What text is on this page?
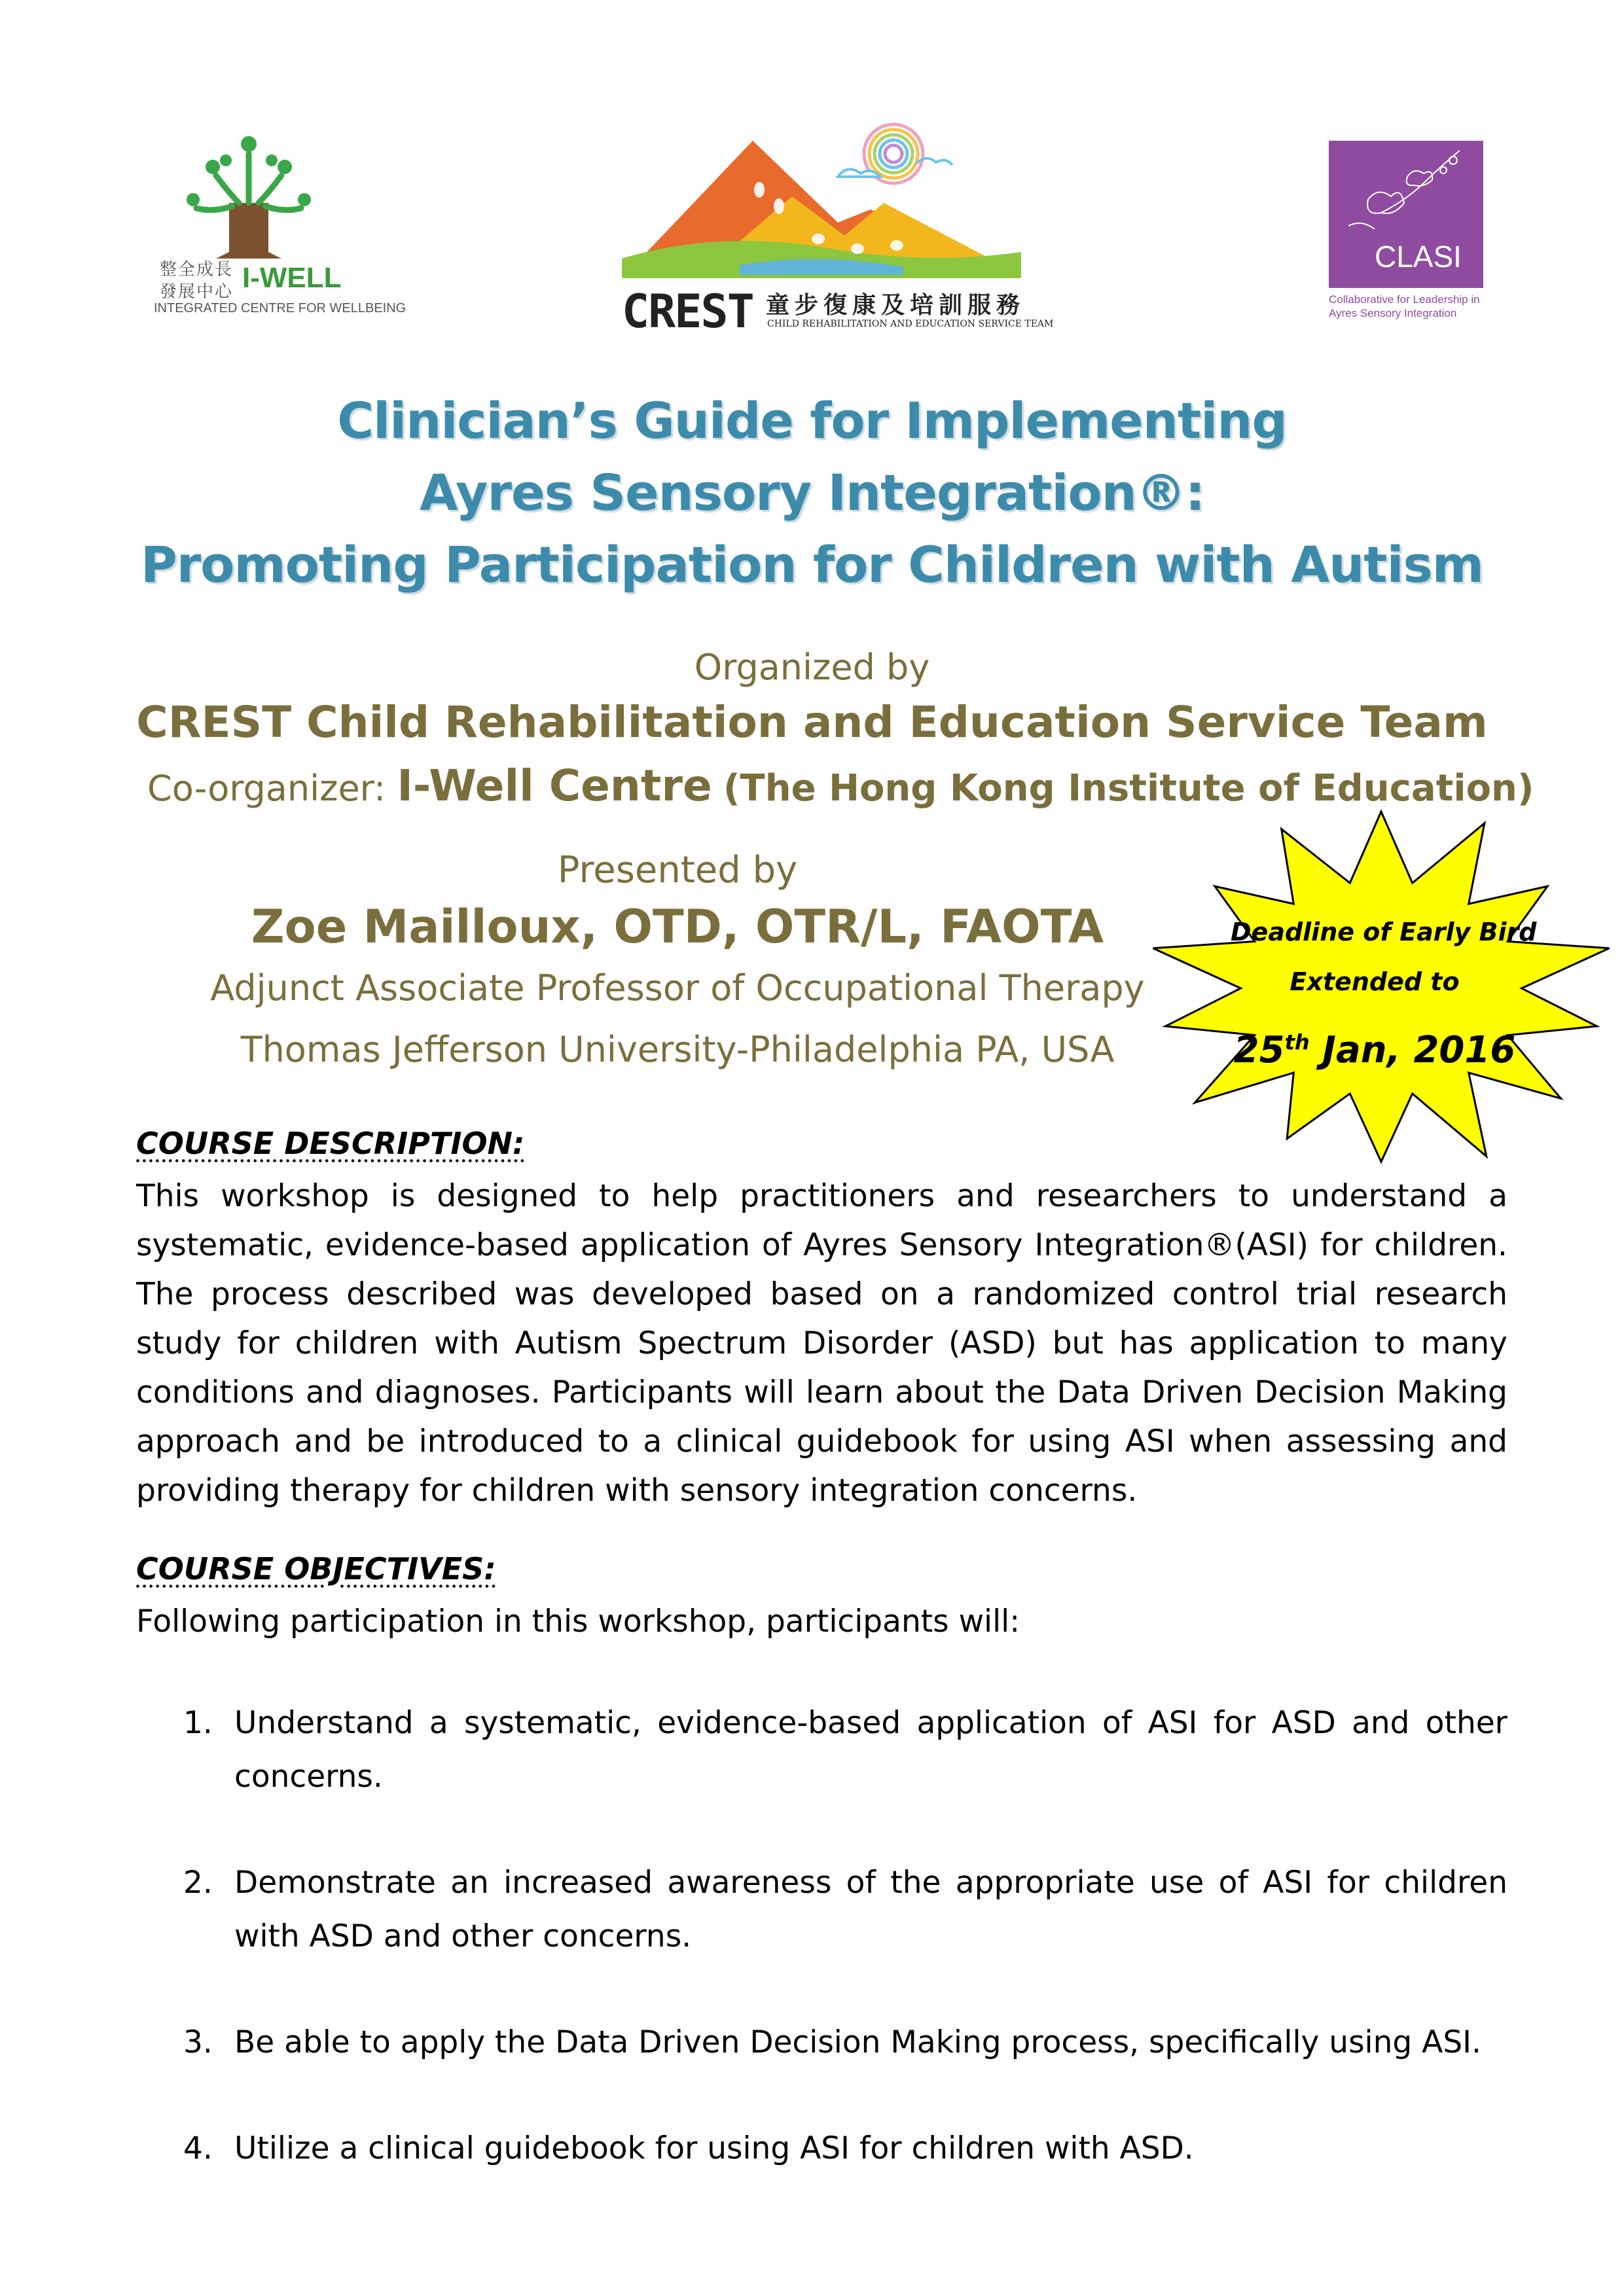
整全成長
發展中心 I-WELL
INTEGRATED CENTRE FOR WELLBEING	CREST 童步復康及培訓服務
CHILD REHABILITATION AND EDUCATION SERVICE TEAM
CLASI
Collaborative for Leadership in
Ayres Sensory Integration
Clinician’s Guide for Implementing
Ayres Sensory Integration®:
Promoting Participation for Children with Autism
Organized by
CREST Child Rehabilitation and Education Service Team
Co-organizer: I-Well Centre (The Hong Kong Institute of Education)
Presented by
Zoe Mailloux, OTD, OTR/L, FAOTA
Adjunct Associate Professor of Occupational Therapy
Thomas Jefferson University-Philadelphia PA, USA
Deadline of Early Bird
Extended to
25th Jan, 2016
COURSE DESCRIPTION:
This workshop is designed to help practitioners and researchers to understand a systematic, evidence-based application of Ayres Sensory Integration®(ASI) for children. The process described was developed based on a randomized control trial research study for children with Autism Spectrum Disorder (ASD) but has application to many conditions and diagnoses. Participants will learn about the Data Driven Decision Making approach and be introduced to a clinical guidebook for using ASI when assessing and providing therapy for children with sensory integration concerns.
COURSE OBJECTIVES:
Following participation in this workshop, participants will:
1. Understand a systematic, evidence-based application of ASI for ASD and other concerns.
2. Demonstrate an increased awareness of the appropriate use of ASI for children with ASD and other concerns.
3. Be able to apply the Data Driven Decision Making process, specifically using ASI.
4. Utilize a clinical guidebook for using ASI for children with ASD.
